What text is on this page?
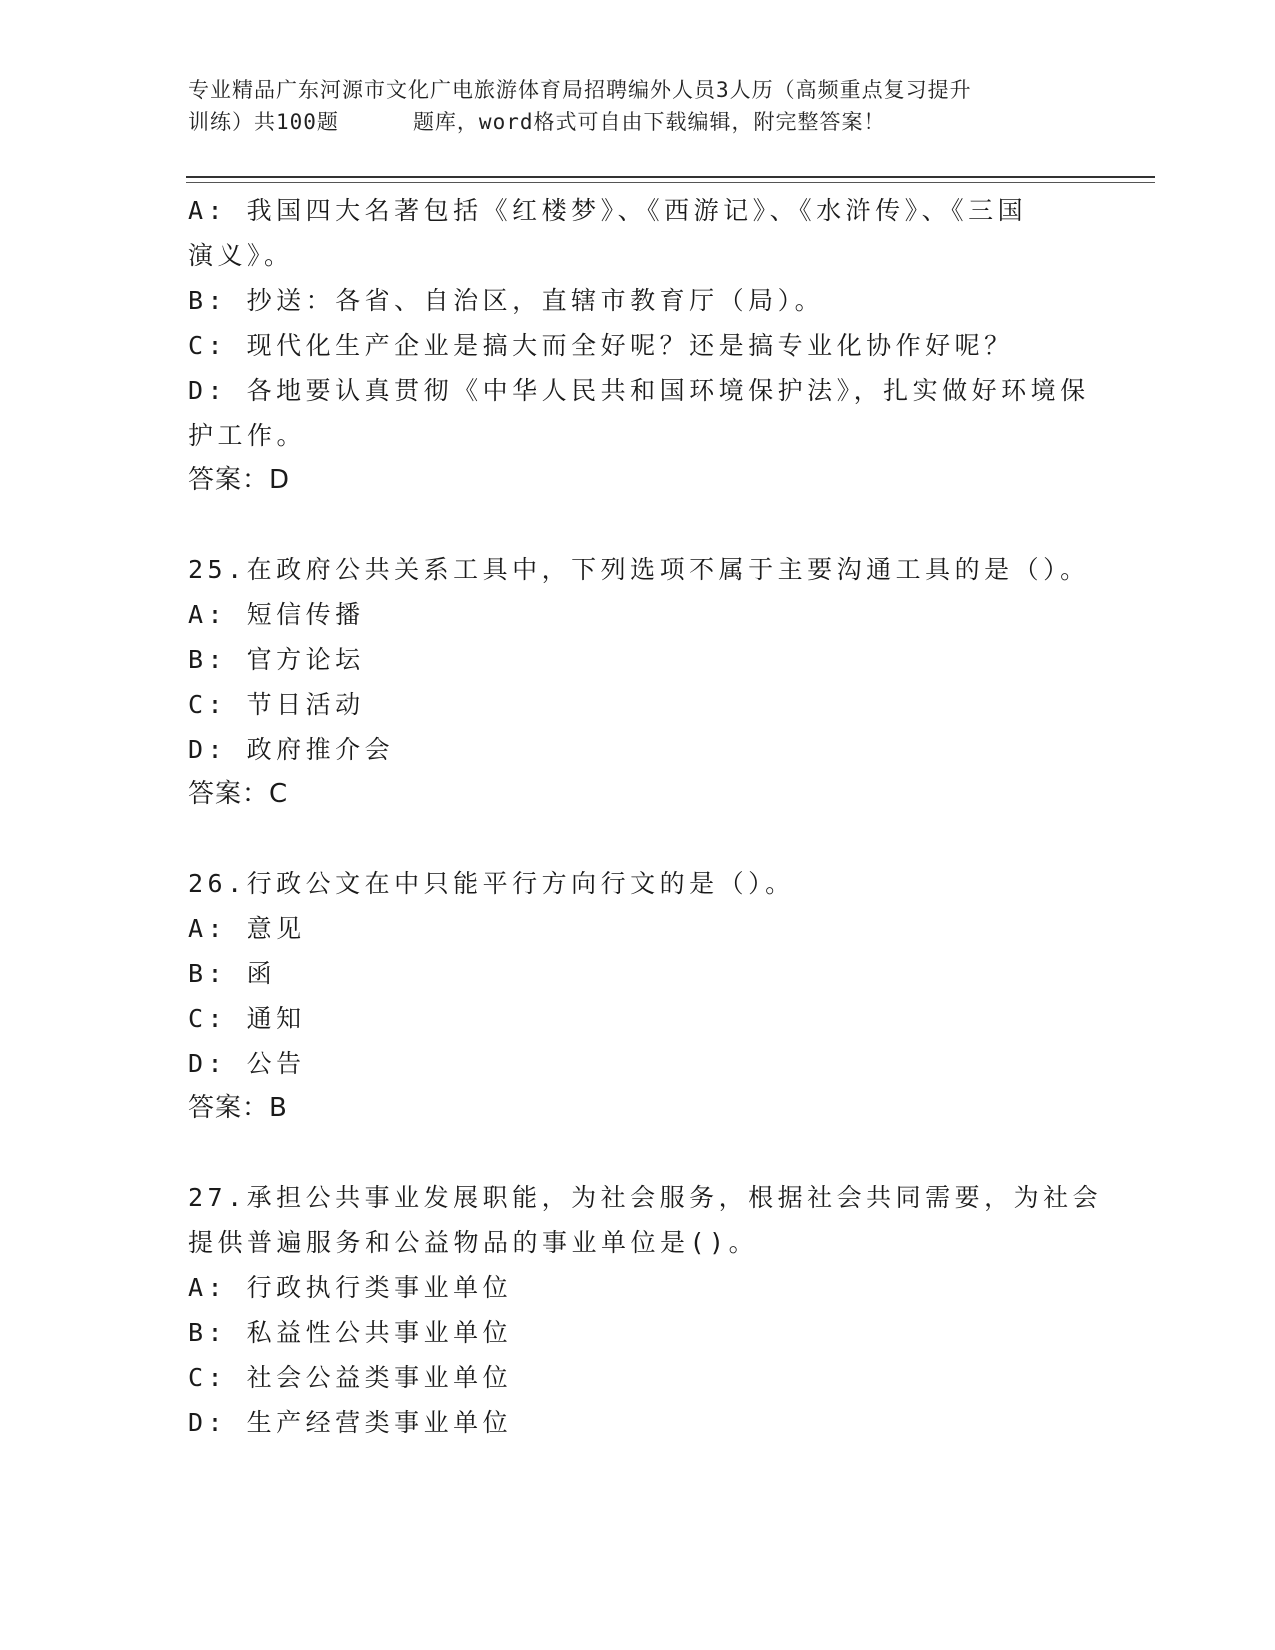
专业精品广东河源市文化广电旅游体育局招聘编外人员3人历（高频重点复习提升
训练）共100题	题库，word格式可自由下载编辑，附完整答案！
A: 我国四大名著包括《红楼梦》、《西游记》、《水浒传》、《三国
演义》。
B: 抄送：各省、自治区，直辖市教育厅（局）。
C: 现代化生产企业是搞大而全好呢？还是搞专业化协作好呢？
D: 各地要认真贯彻《中华人民共和国环境保护法》，扎实做好环境保
护工作。
答案：D
25.在政府公共关系工具中，下列选项不属于主要沟通工具的是（）。
A: 短信传播
B: 官方论坛
C: 节日活动
D: 政府推介会
答案：C
26.行政公文在中只能平行方向行文的是（）。
A: 意见
B: 函
C: 通知
D: 公告
答案：B
27.承担公共事业发展职能，为社会服务，根据社会共同需要，为社会
提供普遍服务和公益物品的事业单位是()。
A: 行政执行类事业单位
B: 私益性公共事业单位
C: 社会公益类事业单位
D: 生产经营类事业单位
